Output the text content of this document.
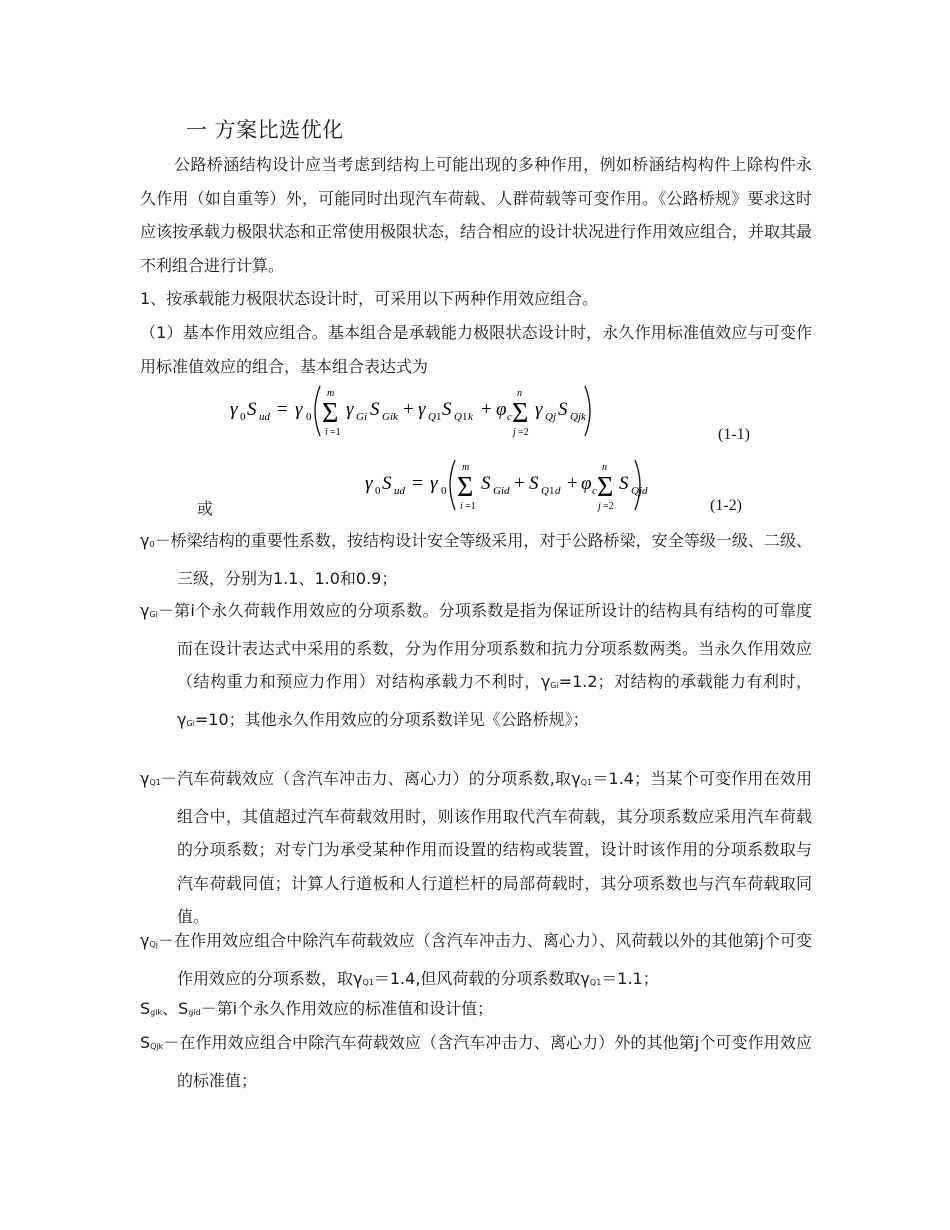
一 方案比选优化

公路桥涵结构设计应当考虑到结构上可能出现的多种作用，例如桥涵结构构件上除构件永久作用（如自重等）外，可能同时出现汽车荷载、人群荷载等可变作用。《公路桥规》要求这时应该按承载力极限状态和正常使用极限状态，结合相应的设计状况进行作用效应组合，并取其最不利组合进行计算。

1、按承载能力极限状态设计时，可采用以下两种作用效应组合。

（1）基本作用效应组合。基本组合是承载能力极限状态设计时，永久作用标准值效应与可变作用标准值效应的组合，基本组合表达式为

γ 0 S ud = γ 0
m
Σ
i =1
γ Gi S Gik + γ Q 1 S Q 1 k + φ c
n
Σ
j =2
γ Qj S Qjk
(1-1)
γ 0 S ud = γ 0
m
Σ
i =1
S Gid + S Q 1 d + φ c
n
Σ
j =2
S Qjd
或	(1-2)

γ0－桥梁结构的重要性系数，按结构设计安全等级采用，对于公路桥梁，安全等级一级、二级、三级，分别为1.1、1.0和0.9；

γGi－第i个永久荷载作用效应的分项系数。分项系数是指为保证所设计的结构具有结构的可靠度而在设计表达式中采用的系数，分为作用分项系数和抗力分项系数两类。当永久作用效应（结构重力和预应力作用）对结构承载力不利时，γGi=1.2；对结构的承载能力有利时，γGi=10；其他永久作用效应的分项系数详见《公路桥规》；

γQ1－汽车荷载效应（含汽车冲击力、离心力）的分项系数,取γQ1＝1.4；当某个可变作用在效用组合中，其值超过汽车荷载效用时，则该作用取代汽车荷载，其分项系数应采用汽车荷载的分项系数；对专门为承受某种作用而设置的结构或装置，设计时该作用的分项系数取与汽车荷载同值；计算人行道板和人行道栏杆的局部荷载时，其分项系数也与汽车荷载取同值。

γQj－在作用效应组合中除汽车荷载效应（含汽车冲击力、离心力）、风荷载以外的其他第j个可变作用效应的分项系数，取γQ1＝1.4,但风荷载的分项系数取γQ1＝1.1；

Sgik、Sgid－第i个永久作用效应的标准值和设计值；

SQjk－在作用效应组合中除汽车荷载效应（含汽车冲击力、离心力）外的其他第j个可变作用效应的标准值；
